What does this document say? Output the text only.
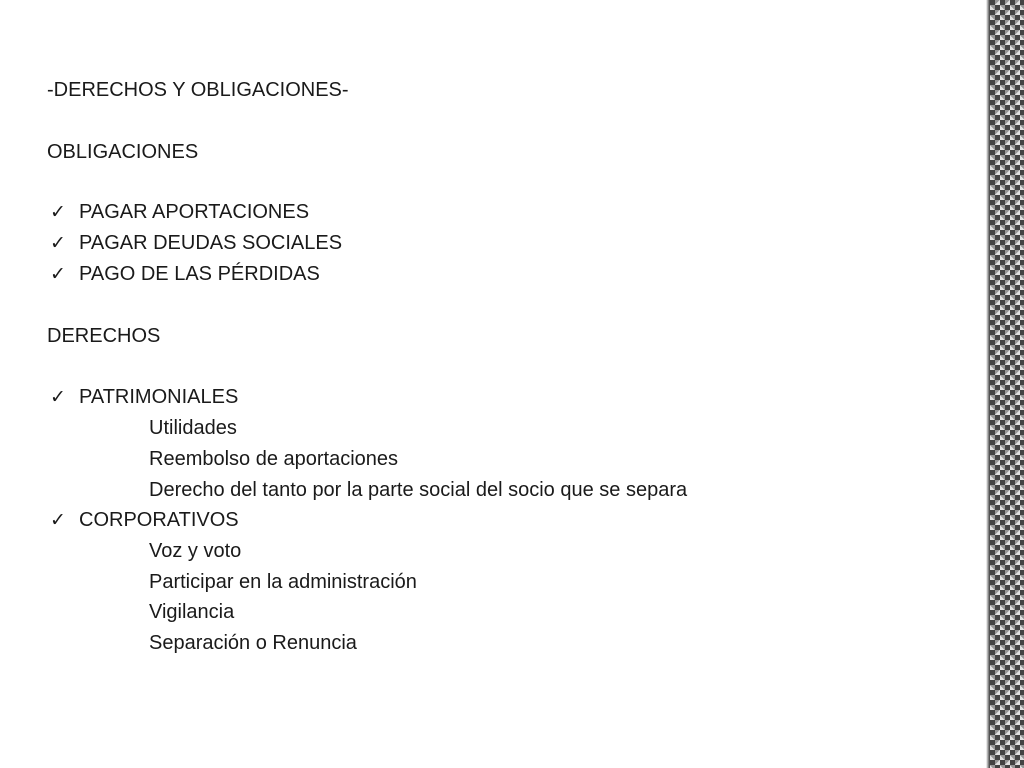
-DERECHOS Y OBLIGACIONES-
OBLIGACIONES
✓ PAGAR APORTACIONES
✓ PAGAR DEUDAS SOCIALES
✓ PAGO DE LAS PÉRDIDAS
DERECHOS
✓ PATRIMONIALES
Utilidades
Reembolso de aportaciones
Derecho del tanto por la parte social del socio que se separa
✓ CORPORATIVOS
Voz y voto
Participar en la administración
Vigilancia
Separación o Renuncia
